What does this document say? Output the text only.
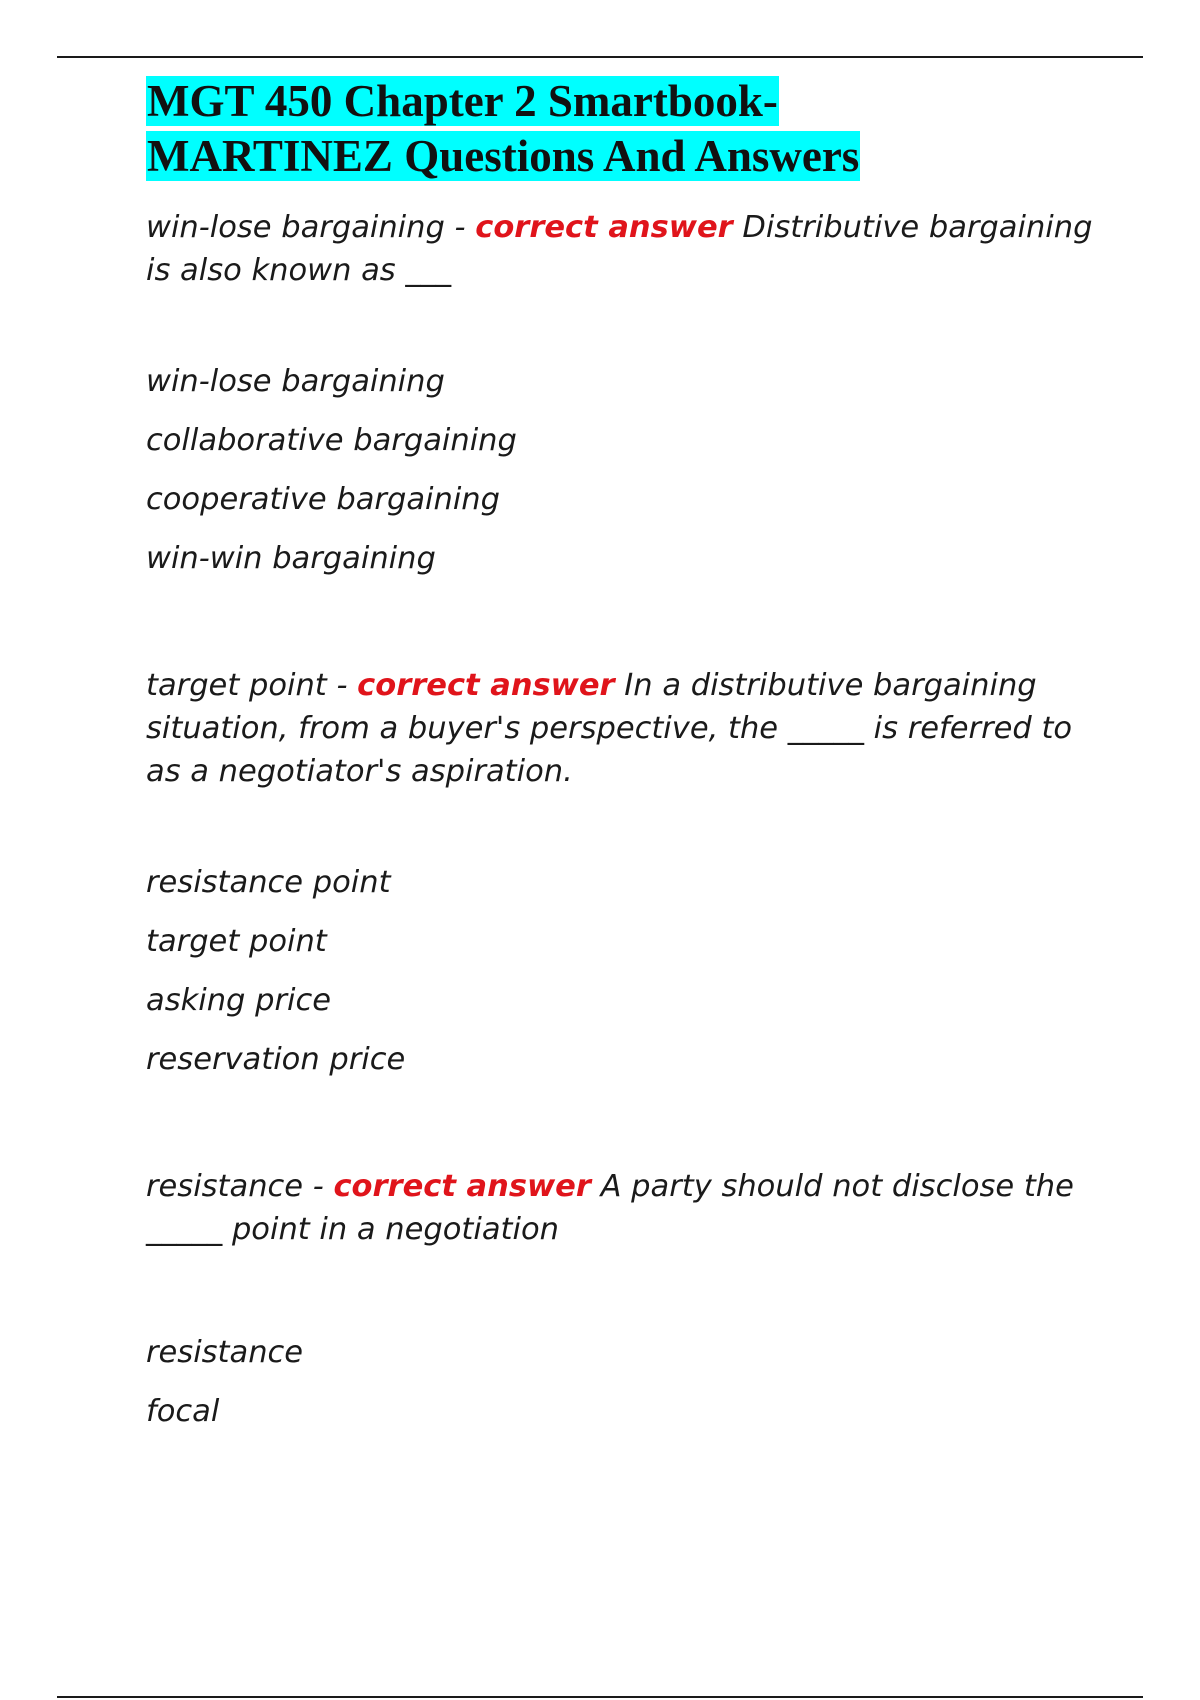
MGT 450 Chapter 2 Smartbook-
MARTINEZ Questions And Answers

win-lose bargaining - correct answer Distributive bargaining is also known as ___

win-lose bargaining
collaborative bargaining
cooperative bargaining
win-win bargaining

target point - correct answer In a distributive bargaining situation, from a buyer's perspective, the _____ is referred to as a negotiator's aspiration.

resistance point
target point
asking price
reservation price

resistance - correct answer A party should not disclose the _____ point in a negotiation

resistance
focal
